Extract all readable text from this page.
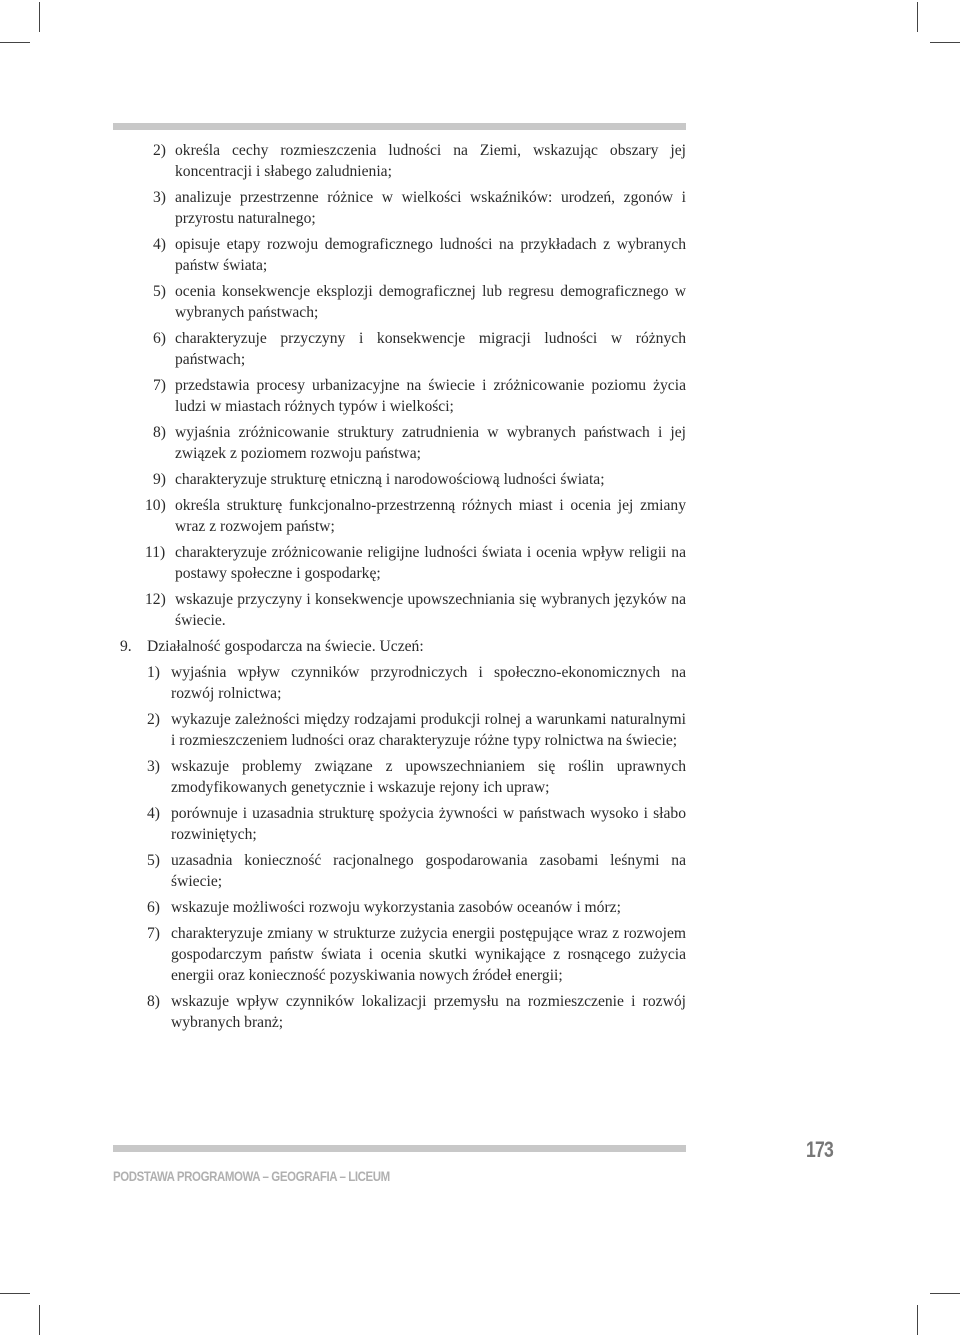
2) określa cechy rozmieszczenia ludności na Ziemi, wskazując obszary jej koncentracji i słabego zaludnienia;
3) analizuje przestrzenne różnice w wielkości wskaźników: urodzeń, zgonów i przyrostu naturalnego;
4) opisuje etapy rozwoju demograficznego ludności na przykładach z wybranych państw świata;
5) ocenia konsekwencje eksplozji demograficznej lub regresu demograficznego w wybranych państwach;
6) charakteryzuje przyczyny i konsekwencje migracji ludności w różnych państwach;
7) przedstawia procesy urbanizacyjne na świecie i zróżnicowanie poziomu życia ludzi w miastach różnych typów i wielkości;
8) wyjaśnia zróżnicowanie struktury zatrudnienia w wybranych państwach i jej związek z poziomem rozwoju państwa;
9) charakteryzuje strukturę etniczną i narodowościową ludności świata;
10) określa strukturę funkcjonalno-przestrzenną różnych miast i ocenia jej zmiany wraz z rozwojem państw;
11) charakteryzuje zróżnicowanie religijne ludności świata i ocenia wpływ religii na postawy społeczne i gospodarkę;
12) wskazuje przyczyny i konsekwencje upowszechniania się wybranych języków na świecie.
9. Działalność gospodarcza na świecie. Uczeń:
1) wyjaśnia wpływ czynników przyrodniczych i społeczno-ekonomicznych na rozwój rolnictwa;
2) wykazuje zależności między rodzajami produkcji rolnej a warunkami naturalnymi i rozmieszczeniem ludności oraz charakteryzuje różne typy rolnictwa na świecie;
3) wskazuje problemy związane z upowszechnianiem się roślin uprawnych zmodyfikowanych genetycznie i wskazuje rejony ich upraw;
4) porównuje i uzasadnia strukturę spożycia żywności w państwach wysoko i słabo rozwiniętych;
5) uzasadnia konieczność racjonalnego gospodarowania zasobami leśnymi na świecie;
6) wskazuje możliwości rozwoju wykorzystania zasobów oceanów i mórz;
7) charakteryzuje zmiany w strukturze zużycia energii postępujące wraz z rozwojem gospodarczym państw świata i ocenia skutki wynikające z rosnącego zużycia energii oraz konieczność pozyskiwania nowych źródeł energii;
8) wskazuje wpływ czynników lokalizacji przemysłu na rozmieszczenie i rozwój wybranych branż;
PODSTAWA PROGRAMOWA – GEOGRAFIA – LICEUM
173
